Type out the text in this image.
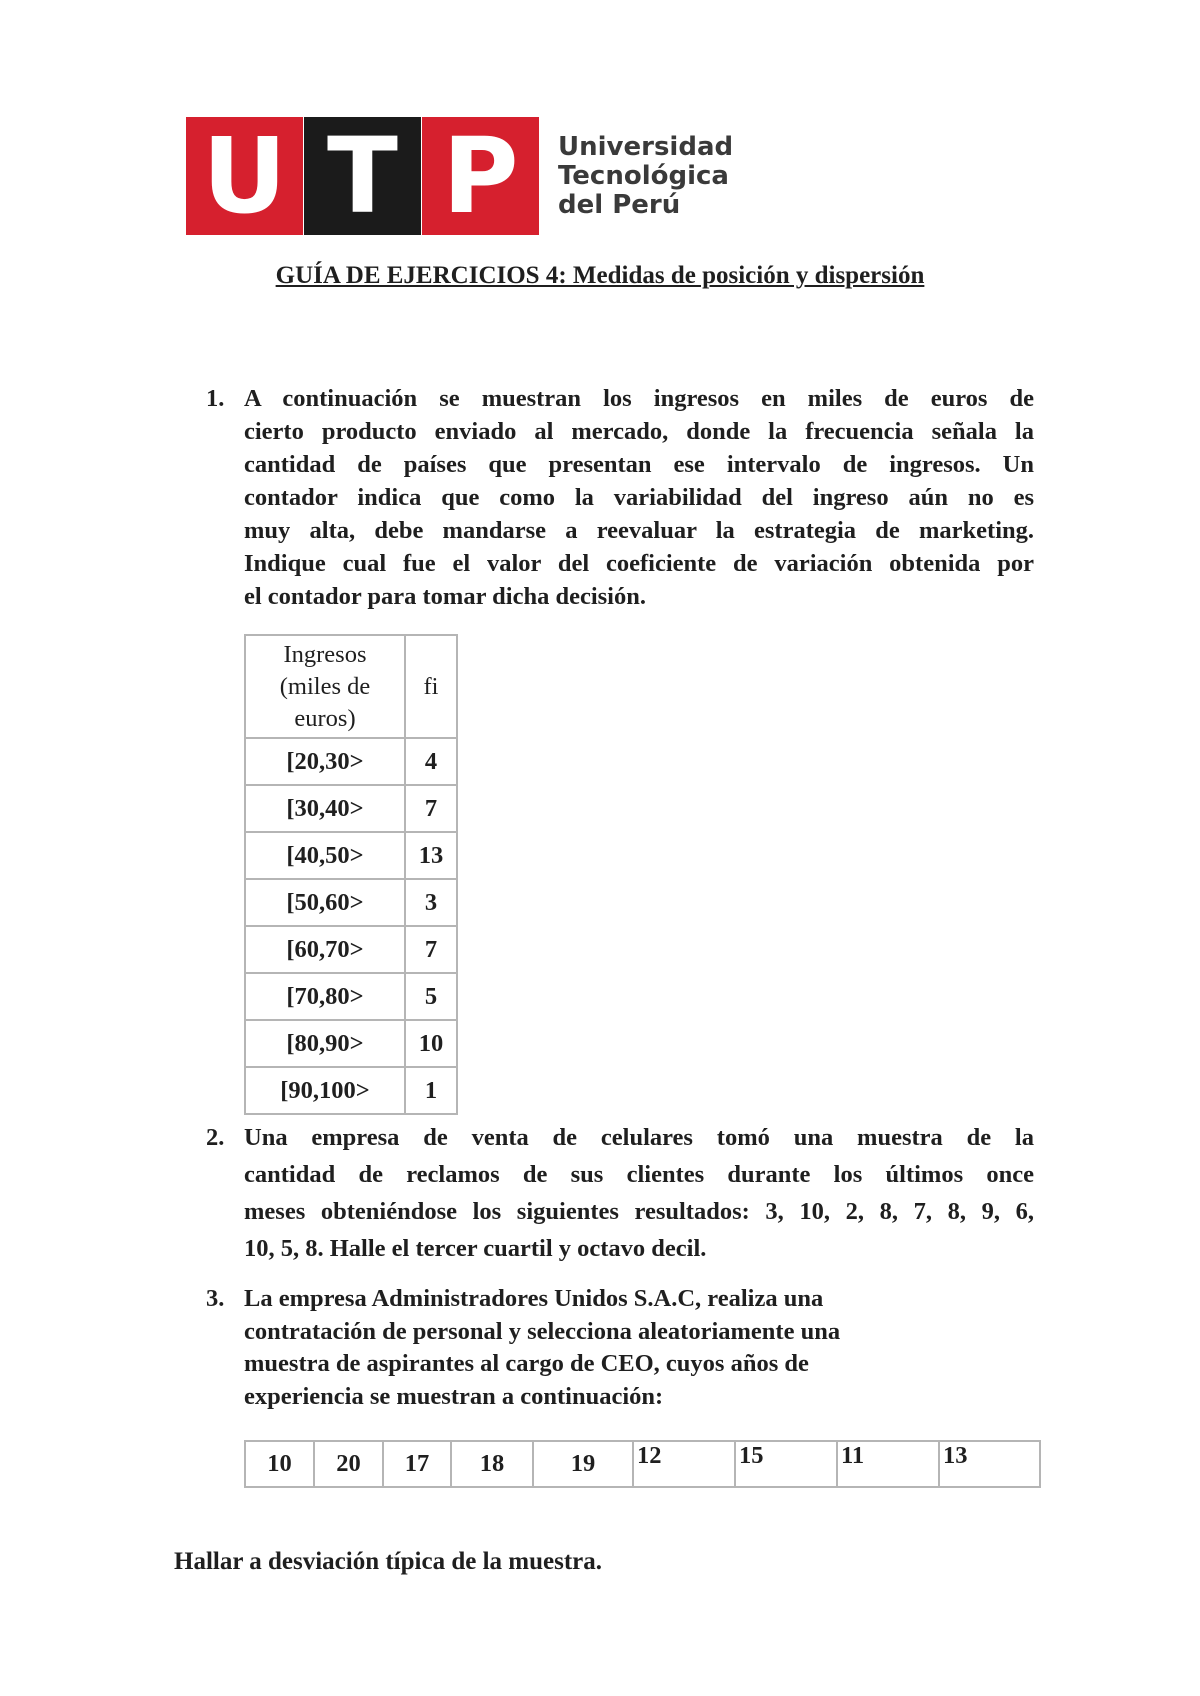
U T P Universidad
Tecnológica
del Perú
GUÍA DE EJERCICIOS 4: Medidas de posición y dispersión
1. A continuación se muestran los ingresos en miles de euros de
cierto producto enviado al mercado, donde la frecuencia señala la
cantidad de países que presentan ese intervalo de ingresos. Un
contador indica que como la variabilidad del ingreso aún no es
muy alta, debe mandarse a reevaluar la estrategia de marketing.
Indique cual fue el valor del coeficiente de variación obtenida por
el contador para tomar dicha decisión.
Ingresos
(miles de
euros)	fi
[20,30>	4
[30,40>	7
[40,50>	13
[50,60>	3
[60,70>	7
[70,80>	5
[80,90>	10
[90,100>	1
2. Una empresa de venta de celulares tomó una muestra de la
cantidad de reclamos de sus clientes durante los últimos once
meses obteniéndose los siguientes resultados: 3, 10, 2, 8, 7, 8, 9, 6,
10, 5, 8. Halle el tercer cuartil y octavo decil.
3. La empresa Administradores Unidos S.A.C, realiza una
contratación de personal y selecciona aleatoriamente una
muestra de aspirantes al cargo de CEO, cuyos años de
experiencia se muestran a continuación:
10	20	17	18	19	12	15	11	13
Hallar a desviación típica de la muestra.
